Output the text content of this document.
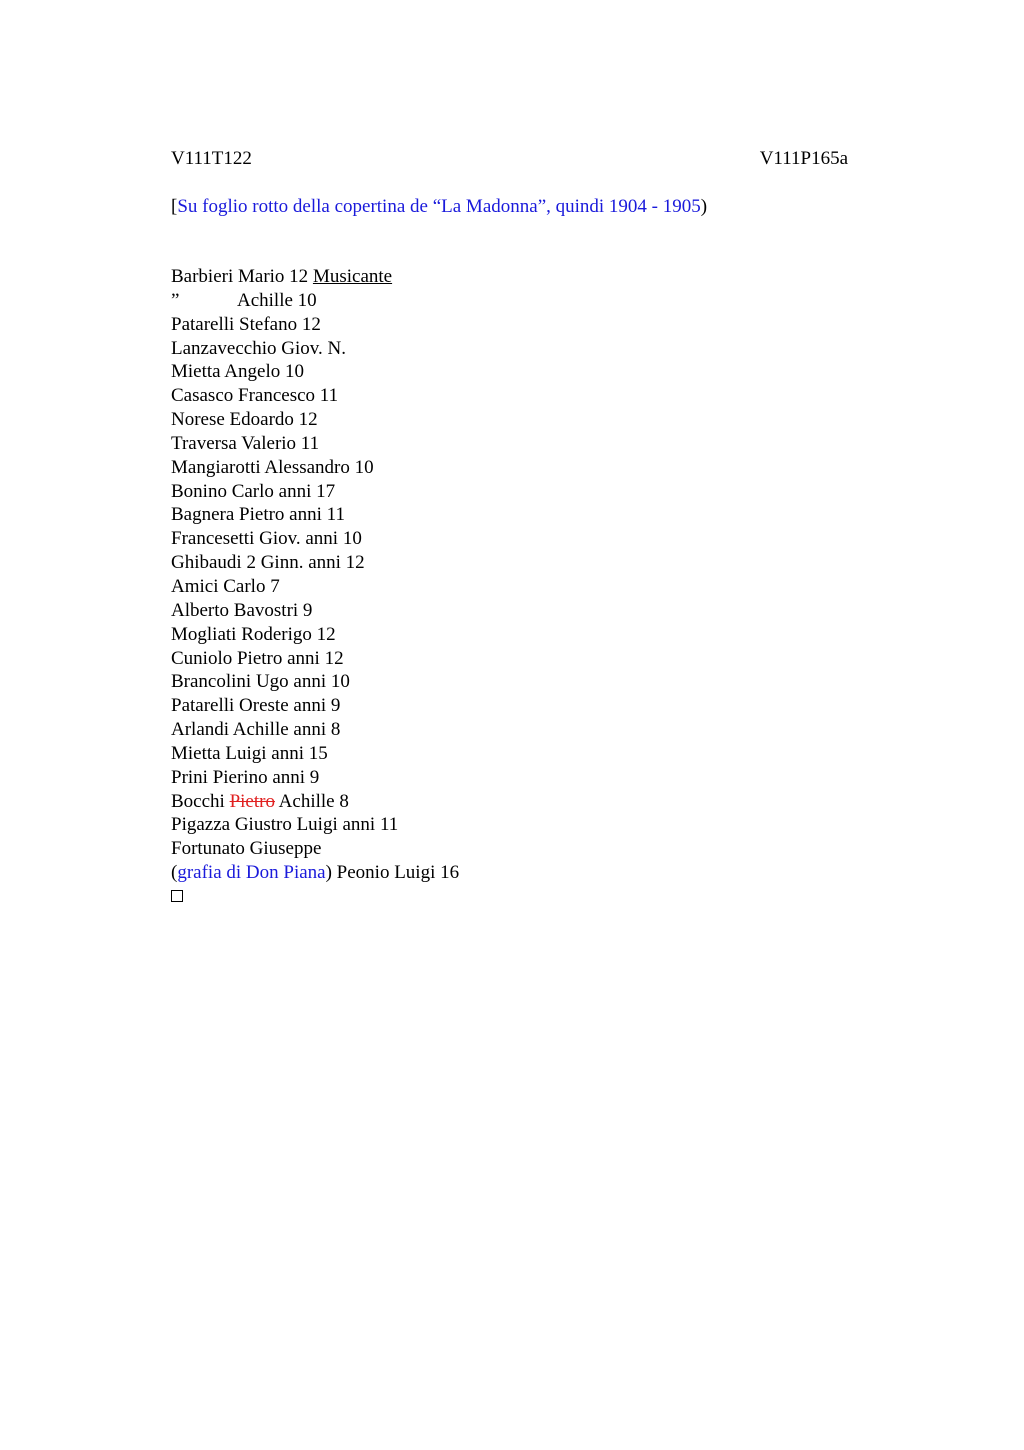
V111T122	V111P165a
[Su foglio rotto della copertina de “La Madonna”, quindi 1904 - 1905)
Barbieri Mario 12 Musicante
”	Achille 10
Patarelli Stefano 12
Lanzavecchio Giov. N.
Mietta Angelo 10
Casasco Francesco 11
Norese Edoardo 12
Traversa Valerio 11
Mangiarotti Alessandro 10
Bonino Carlo anni 17
Bagnera Pietro anni 11
Francesetti Giov. anni 10
Ghibaudi 2 Ginn. anni 12
Amici Carlo 7
Alberto Bavostri 9
Mogliati Roderigo 12
Cuniolo Pietro anni 12
Brancolini Ugo anni 10
Patarelli Oreste anni 9
Arlandi Achille anni 8
Mietta Luigi anni 15
Prini Pierino anni 9
Bocchi Pietro Achille 8
Pigazza Giustro Luigi anni 11
Fortunato Giuseppe
(grafia di Don Piana) Peonio Luigi 16
